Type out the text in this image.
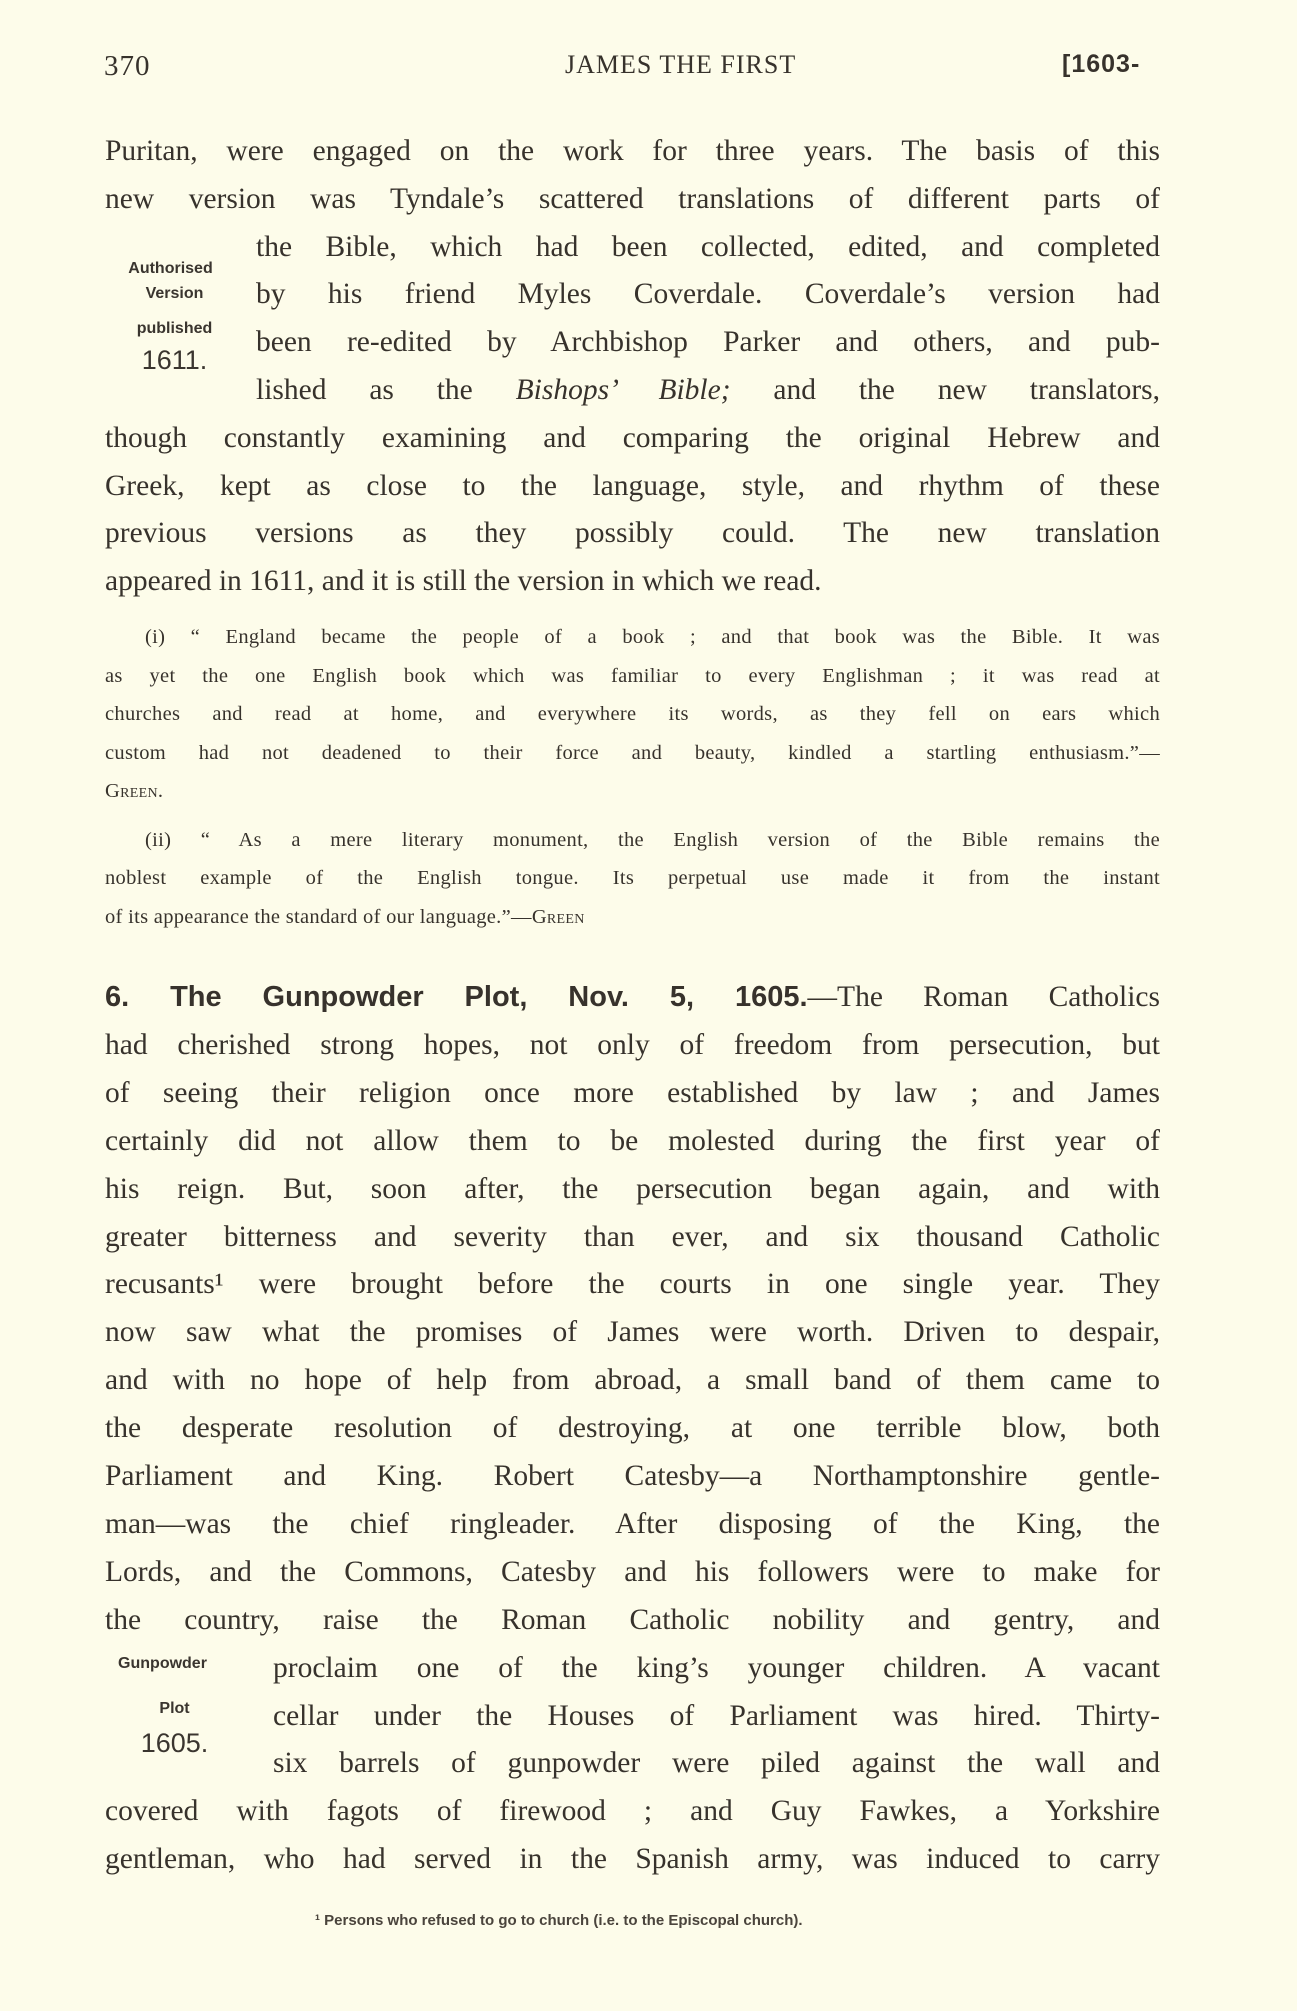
370	JAMES THE FIRST	[1603-
Puritan, were engaged on the work for three years. The basis of this
new version was Tyndale’s scattered translations of different parts of
the Bible, which had been collected, edited, and completed
by his friend Myles Coverdale. Coverdale’s version had
been re-edited by Archbishop Parker and others, and pub-
lished as the Bishops’ Bible; and the new translators,
though constantly examining and comparing the original Hebrew and
Greek, kept as close to the language, style, and rhythm of these
previous versions as they possibly could. The new translation
appeared in 1611, and it is still the version in which we read.
(i) “ England became the people of a book ; and that book was the Bible. It was
as yet the one English book which was familiar to every Englishman ; it was read at
churches and read at home, and everywhere its words, as they fell on ears which
custom had not deadened to their force and beauty, kindled a startling enthusiasm.”—
Green.
(ii) “ As a mere literary monument, the English version of the Bible remains the
noblest example of the English tongue. Its perpetual use made it from the instant
of its appearance the standard of our language.”—Green
6. The Gunpowder Plot, Nov. 5, 1605.—The Roman Catholics
had cherished strong hopes, not only of freedom from persecution, but
of seeing their religion once more established by law ; and James
certainly did not allow them to be molested during the first year of
his reign. But, soon after, the persecution began again, and with
greater bitterness and severity than ever, and six thousand Catholic
recusants¹ were brought before the courts in one single year. They
now saw what the promises of James were worth. Driven to despair,
and with no hope of help from abroad, a small band of them came to
the desperate resolution of destroying, at one terrible blow, both
Parliament and King. Robert Catesby—a Northamptonshire gentle-
man—was the chief ringleader. After disposing of the King, the
Lords, and the Commons, Catesby and his followers were to make for
the country, raise the Roman Catholic nobility and gentry, and
proclaim one of the king’s younger children. A vacant
cellar under the Houses of Parliament was hired. Thirty-
six barrels of gunpowder were piled against the wall and
covered with fagots of firewood ; and Guy Fawkes, a Yorkshire
gentleman, who had served in the Spanish army, was induced to carry
Authorised
Version
published
1611.
Gunpowder
Plot
1605.
¹ Persons who refused to go to church (i.e. to the Episcopal church).
